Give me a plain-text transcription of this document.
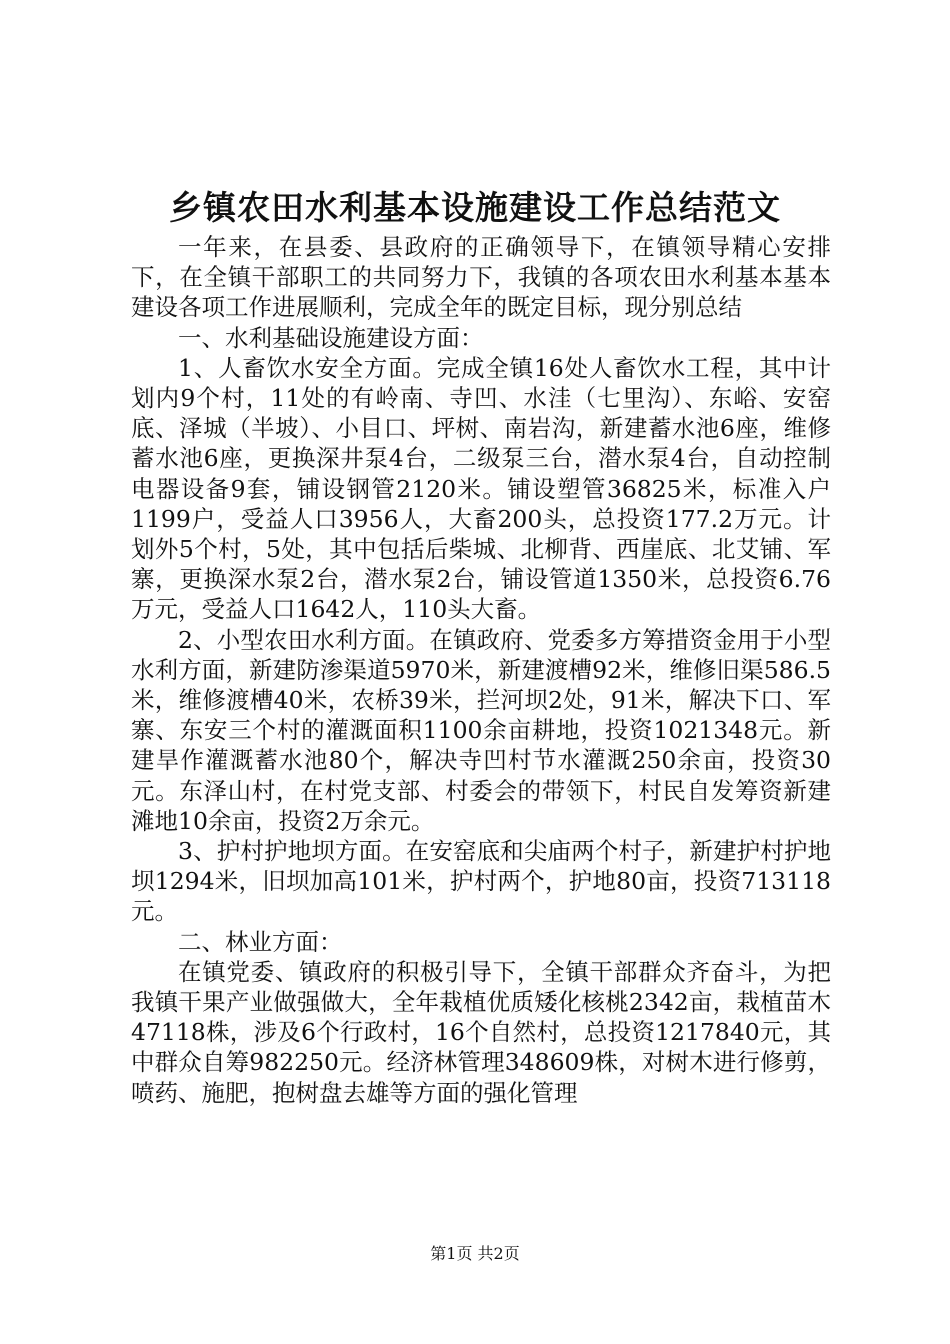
乡镇农田水利基本设施建设工作总结范文

一年来，在县委、县政府的正确领导下，在镇领导精心安排下，在全镇干部职工的共同努力下，我镇的各项农田水利基本基本建设各项工作进展顺利，完成全年的既定目标，现分别总结

一、水利基础设施建设方面：

1、人畜饮水安全方面。完成全镇16处人畜饮水工程，其中计划内9个村，11处的有岭南、寺凹、水洼（七里沟）、东峪、安窑底、泽城（半坡）、小目口、坪树、南岩沟，新建蓄水池6座，维修蓄水池6座，更换深井泵4台，二级泵三台，潜水泵4台，自动控制电器设备9套，铺设钢管2120米。铺设塑管36825米，标准入户1199户，受益人口3956人，大畜200头，总投资177.2万元。计划外5个村，5处，其中包括后柴城、北柳背、西崖底、北艾铺、军寨，更换深水泵2台，潜水泵2台，铺设管道1350米，总投资6.76万元，受益人口1642人，110头大畜。

2、小型农田水利方面。在镇政府、党委多方筹措资金用于小型水利方面，新建防渗渠道5970米，新建渡槽92米，维修旧渠586.5米，维修渡槽40米，农桥39米，拦河坝2处，91米，解决下口、军寨、东安三个村的灌溉面积1100余亩耕地，投资1021348元。新建旱作灌溉蓄水池80个，解决寺凹村节水灌溉250余亩，投资30元。东泽山村，在村党支部、村委会的带领下，村民自发筹资新建滩地10余亩，投资2万余元。

3、护村护地坝方面。在安窑底和尖庙两个村子，新建护村护地坝1294米，旧坝加高101米，护村两个，护地80亩，投资713118元。

二、林业方面：

在镇党委、镇政府的积极引导下，全镇干部群众齐奋斗，为把我镇干果产业做强做大，全年栽植优质矮化核桃2342亩，栽植苗木47118株，涉及6个行政村，16个自然村，总投资1217840元，其中群众自筹982250元。经济林管理348609株，对树木进行修剪，喷药、施肥，抱树盘去雄等方面的强化管理

第1页 共2页
